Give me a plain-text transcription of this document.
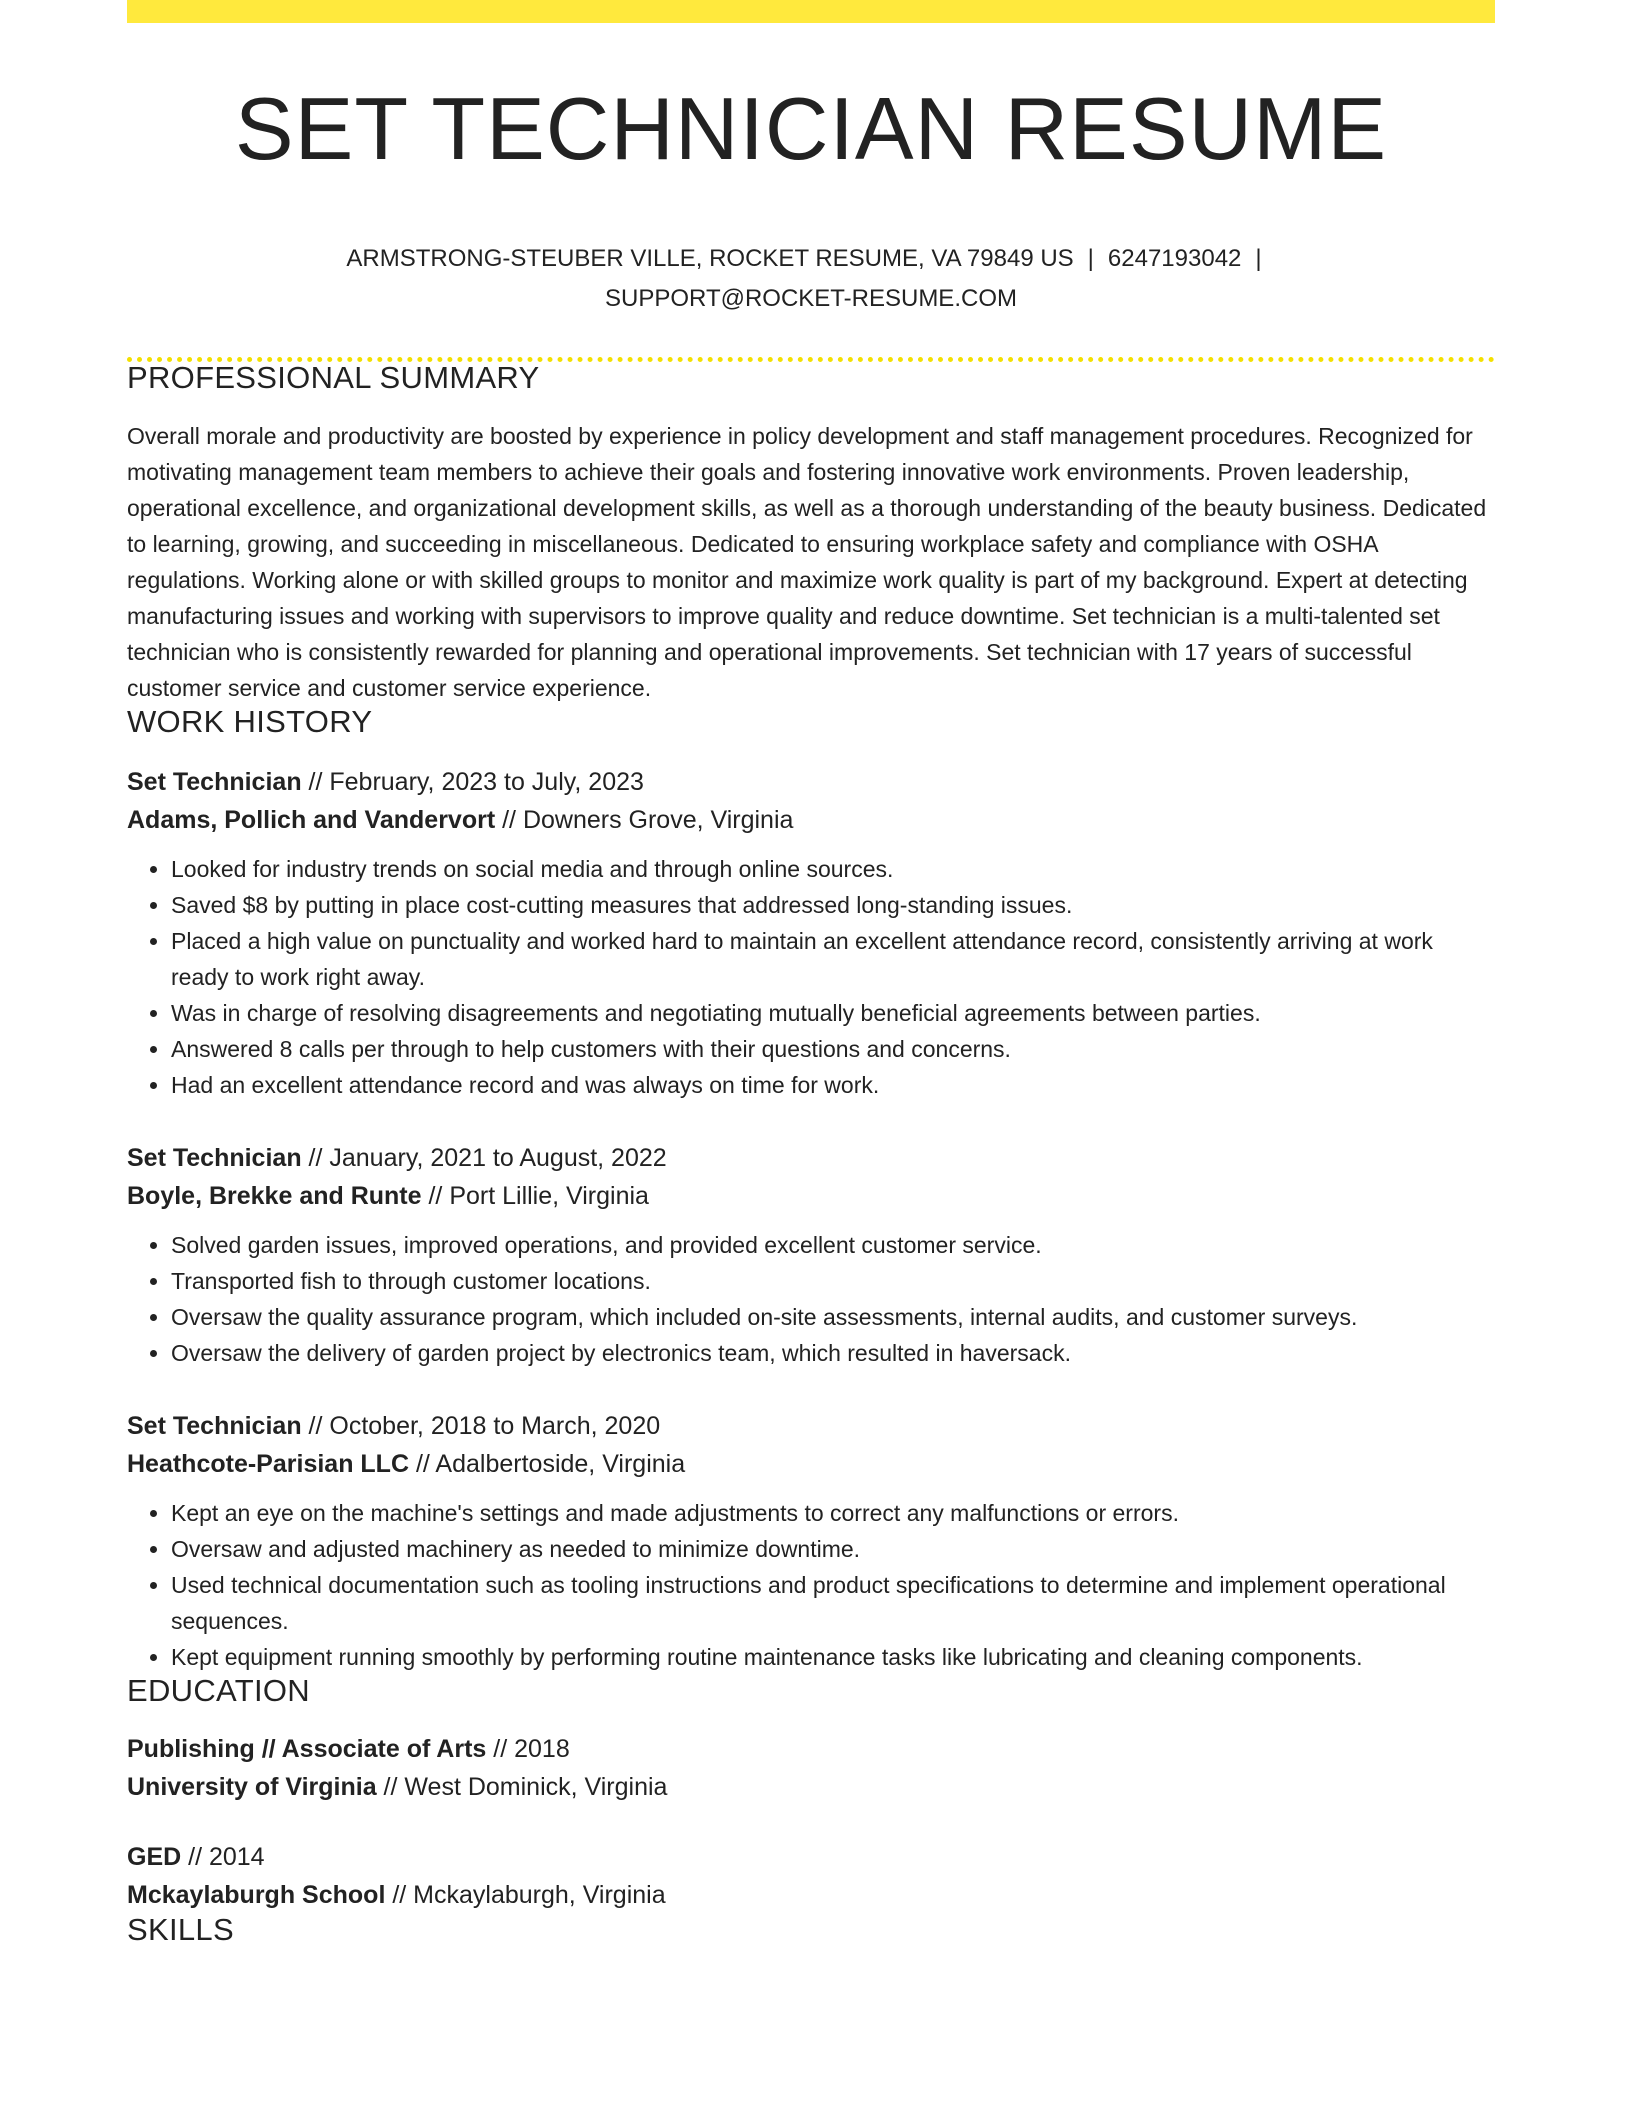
SET TECHNICIAN RESUME
ARMSTRONG-STEUBER VILLE, ROCKET RESUME, VA 79849 US | 6247193042 |
SUPPORT@ROCKET-RESUME.COM
PROFESSIONAL SUMMARY

Overall morale and productivity are boosted by experience in policy development and staff management procedures. Recognized for motivating management team members to achieve their goals and fostering innovative work environments. Proven leadership, operational excellence, and organizational development skills, as well as a thorough understanding of the beauty business. Dedicated to learning, growing, and succeeding in miscellaneous. Dedicated to ensuring workplace safety and compliance with OSHA regulations. Working alone or with skilled groups to monitor and maximize work quality is part of my background. Expert at detecting manufacturing issues and working with supervisors to improve quality and reduce downtime. Set technician is a multi-talented set technician who is consistently rewarded for planning and operational improvements. Set technician with 17 years of successful customer service and customer service experience.

WORK HISTORY
Set Technician // February, 2023 to July, 2023
Adams, Pollich and Vandervort // Downers Grove, Virginia
• Looked for industry trends on social media and through online sources.
• Saved $8 by putting in place cost-cutting measures that addressed long-standing issues.
• Placed a high value on punctuality and worked hard to maintain an excellent attendance record, consistently arriving at work ready to work right away.
• Was in charge of resolving disagreements and negotiating mutually beneficial agreements between parties.
• Answered 8 calls per through to help customers with their questions and concerns.
• Had an excellent attendance record and was always on time for work.
Set Technician // January, 2021 to August, 2022
Boyle, Brekke and Runte // Port Lillie, Virginia
• Solved garden issues, improved operations, and provided excellent customer service.
• Transported fish to through customer locations.
• Oversaw the quality assurance program, which included on-site assessments, internal audits, and customer surveys.
• Oversaw the delivery of garden project by electronics team, which resulted in haversack.
Set Technician // October, 2018 to March, 2020
Heathcote-Parisian LLC // Adalbertoside, Virginia
• Kept an eye on the machine's settings and made adjustments to correct any malfunctions or errors.
• Oversaw and adjusted machinery as needed to minimize downtime.
• Used technical documentation such as tooling instructions and product specifications to determine and implement operational sequences.
• Kept equipment running smoothly by performing routine maintenance tasks like lubricating and cleaning components.
EDUCATION
Publishing // Associate of Arts // 2018
University of Virginia // West Dominick, Virginia
GED // 2014
Mckaylaburgh School // Mckaylaburgh, Virginia
SKILLS
